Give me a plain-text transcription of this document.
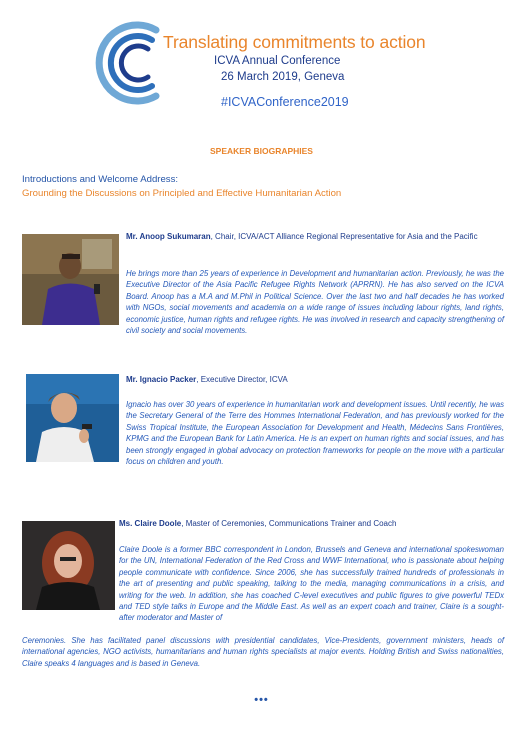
Translating commitments to action
ICVA Annual Conference
26 March 2019, Geneva
#ICVAConference2019
SPEAKER BIOGRAPHIES
Introductions and Welcome Address:
Grounding the Discussions on Principled and Effective Humanitarian Action
Mr. Anoop Sukumaran, Chair, ICVA/ACT Alliance Regional Representative for Asia and the Pacific
He brings more than 25 years of experience in Development and humanitarian action. Previously, he was the Executive Director of the Asia Pacific Refugee Rights Network (APRRN). He has also served on the ICVA Board. Anoop has a M.A and M.Phil in Political Science. Over the last two and half decades he has worked with NGOs, social movements and academia on a wide range of issues including labour rights, land rights, economic justice, human rights and refugee rights. He was involved in research and capacity strengthening of civil society and social movements.
Mr. Ignacio Packer, Executive Director, ICVA
Ignacio has over 30 years of experience in humanitarian work and development issues. Until recently, he was the Secretary General of the Terre des Hommes International Federation, and has previously worked for the Swiss Tropical Institute, the European Association for Development and Health, Médecins Sans Frontières, KPMG and the European Bank for Latin America. He is an expert on human rights and social issues, and has been strongly engaged in global advocacy on protection frameworks for people on the move with a particular focus on children and youth.
Ms. Claire Doole, Master of Ceremonies, Communications Trainer and Coach
Claire Doole is a former BBC correspondent in London, Brussels and Geneva and international spokeswoman for the UN, International Federation of the Red Cross and WWF International, who is passionate about helping people communicate with confidence. Since 2006, she has successfully trained hundreds of professionals in the art of presenting and public speaking, talking to the media, managing communications in a crisis, and writing for the web. In addition, she has coached C-level executives and public figures to give powerful TEDx and TED style talks in Europe and the Middle East. As well as an expert coach and trainer, Claire is a sought-after moderator and Master of
Ceremonies. She has facilitated panel discussions with presidential candidates, Vice-Presidents, government ministers, heads of international agencies, NGO activists, humanitarians and human rights specialists at major events. Holding British and Swiss nationalities, Claire speaks 4 languages and is based in Geneva.
•••
